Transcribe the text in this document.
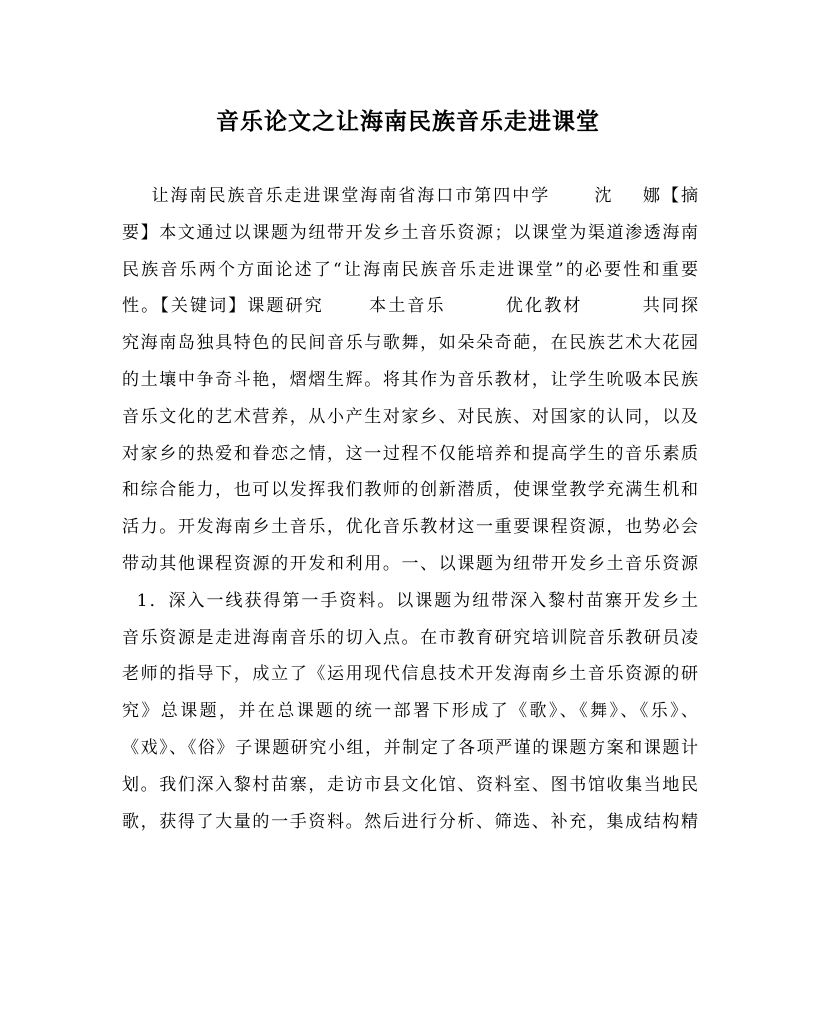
音乐论文之让海南民族音乐走进课堂
让海南民族音乐走进课堂海南省海口市第四中学      沈    娜【摘
要】本文通过以课题为纽带开发乡土音乐资源；以课堂为渠道渗透海南
民族音乐两个方面论述了“让海南民族音乐走进课堂”的必要性和重要
性。【关键词】课题研究      本土音乐        优化教材        共同探
究海南岛独具特色的民间音乐与歌舞，如朵朵奇葩，在民族艺术大花园
的土壤中争奇斗艳，熠熠生辉。将其作为音乐教材，让学生吮吸本民族
音乐文化的艺术营养，从小产生对家乡、对民族、对国家的认同，以及
对家乡的热爱和眷恋之情，这一过程不仅能培养和提高学生的音乐素质
和综合能力，也可以发挥我们教师的创新潜质，使课堂教学充满生机和
活力。开发海南乡土音乐，优化音乐教材这一重要课程资源，也势必会
带动其他课程资源的开发和利用。一、以课题为纽带开发乡土音乐资源
1．深入一线获得第一手资料。以课题为纽带深入黎村苗寨开发乡土
音乐资源是走进海南音乐的切入点。在市教育研究培训院音乐教研员凌
老师的指导下，成立了《运用现代信息技术开发海南乡土音乐资源的研
究》总课题，并在总课题的统一部署下形成了《歌》、《舞》、《乐》、
《戏》、《俗》子课题研究小组，并制定了各项严谨的课题方案和课题计
划。我们深入黎村苗寨，走访市县文化馆、资料室、图书馆收集当地民
歌，获得了大量的一手资料。然后进行分析、筛选、补充，集成结构精
